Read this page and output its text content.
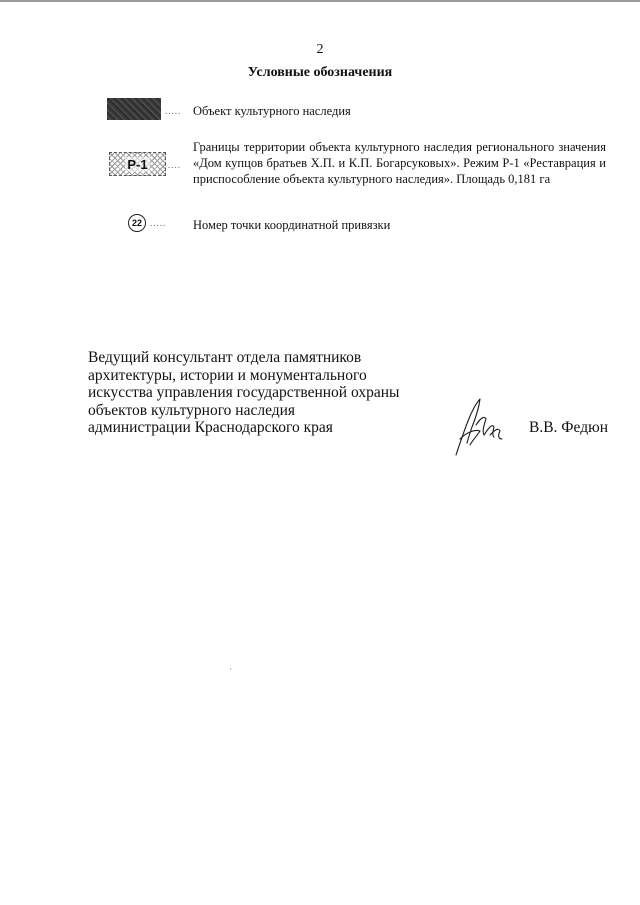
2
Условные обозначения
..... Объект культурного наследия
Р-1 ....
Границы территории объекта культурного наследия регионального значения «Дом купцов братьев Х.П. и К.П. Богарсуковых». Режим Р-1 «Реставрация и приспособление объекта культурного наследия». Площадь 0,181 га
22 ..... Номер точки координатной привязки
Ведущий консультант отдела памятников
архитектуры, истории и монументального
искусства управления государственной охраны
объектов культурного наследия
администрации Краснодарского края	В.В. Федюн
